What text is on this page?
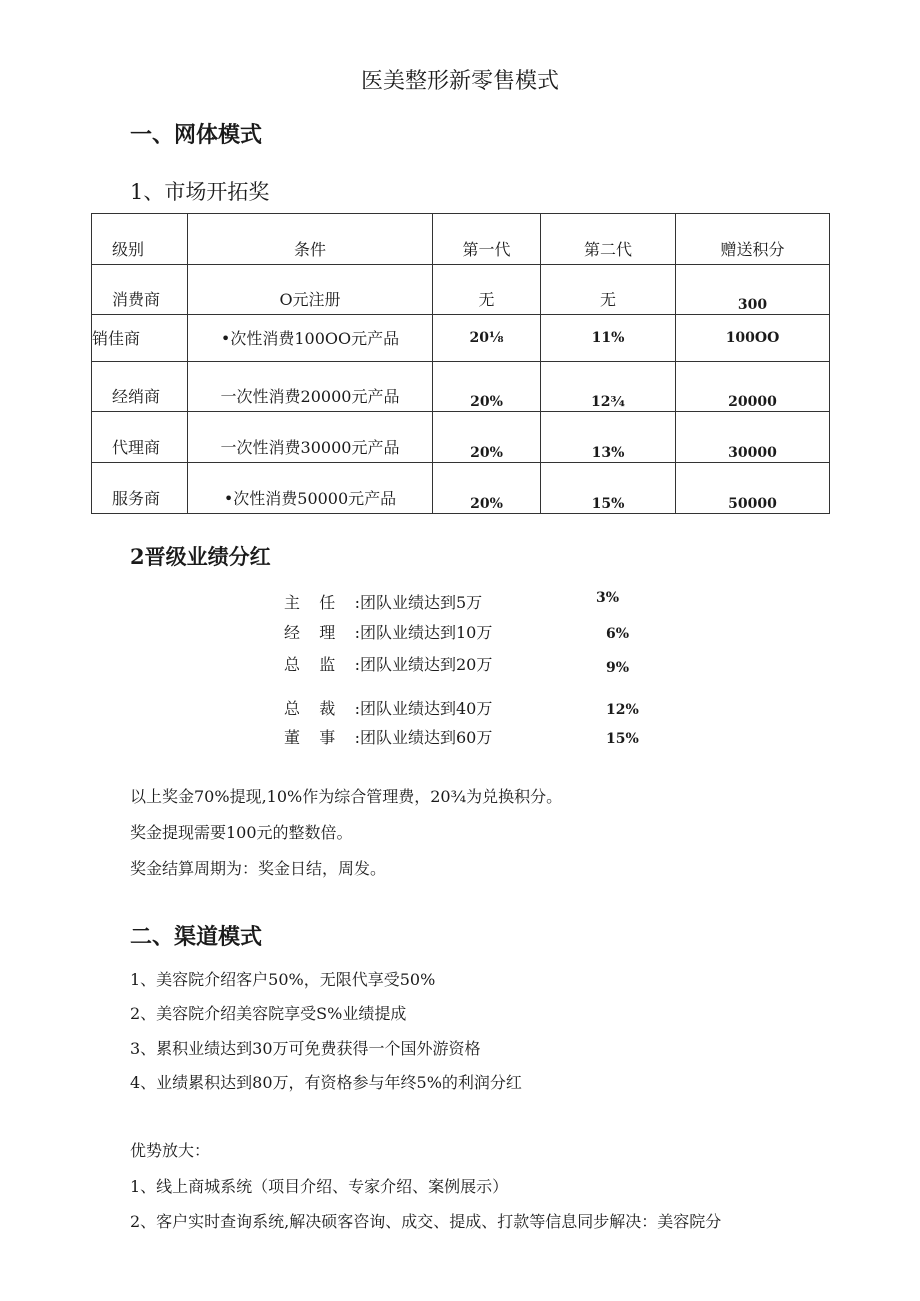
医美整形新零售模式
一、网体模式
1、市场开拓奖
级别	条件	第一代	第二代	赠送积分
消费商	O元注册	无	无	300
销佳商	•次性消费100OO元产品	20⅛	11%	100OO
经绡商	一次性消费20000元产品	20%	12¾	20000
代理商	一次性消费30000元产品	20%	13%	30000
服务商	•次性消费50000元产品	20%	15%	50000
2晋级业绩分红
主任: 团队业绩达到5万	3%
经理: 团队业绩达到10万	6%
总监: 团队业绩达到20万	9%
总裁: 团队业绩达到40万	12%
董事: 团队业绩达到60万	15%
以上奖金70%提现,10%作为综合管理费，20¾为兑换积分。
奖金提现需要100元的整数倍。
奖金结算周期为：奖金日结，周发。
二、渠道模式
1、美容院介绍客户50%，无限代享受50%
2、美容院介绍美容院享受S%业绩提成
3、累积业绩达到30万可免费获得一个国外游资格
4、业绩累积达到80万，有资格参与年终5%的利润分红
优势放大：
1、线上商城系统（项目介绍、专家介绍、案例展示）
2、客户实时查询系统,解决硕客咨询、成交、提成、打款等信息同步解决：美容院分
